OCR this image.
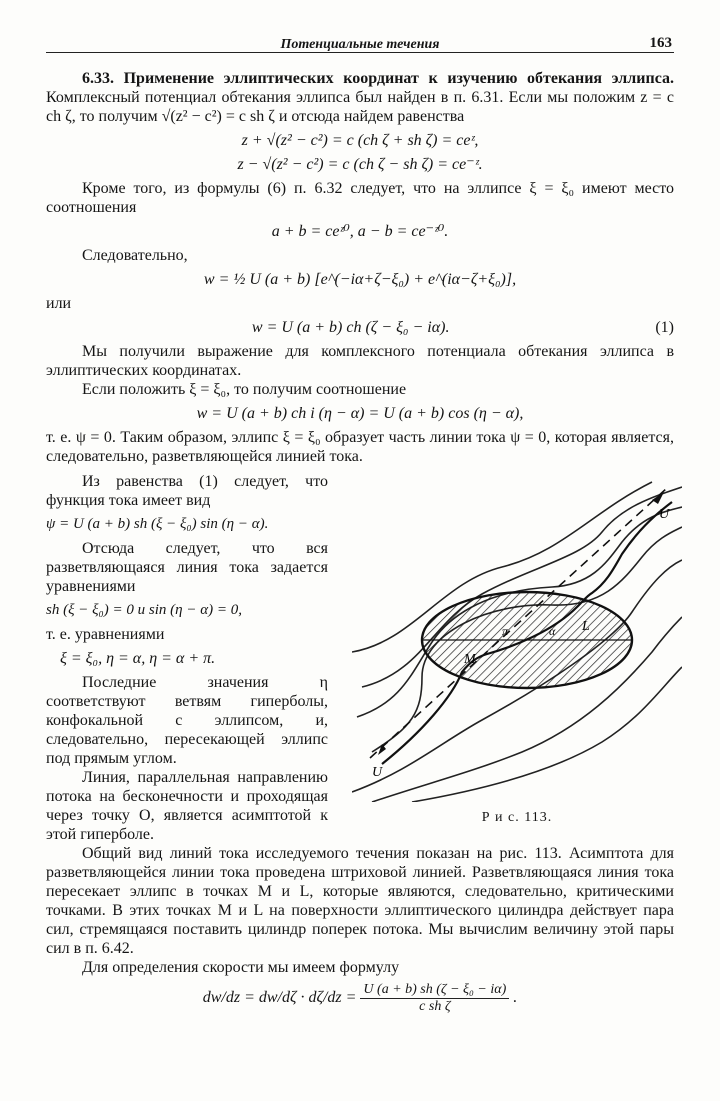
Потенциальные течения	163

6.33. Применение эллиптических координат к изучению обтекания эллипса. Комплексный потенциал обтекания эллипса был найден в п. 6.31. Если мы положим z = c ch ζ, то получим √(z² − c²) = c sh ζ и отсюда найдем равенства

z + √(z² − c²) = c (ch ζ + sh ζ) = ceᶻ,
z − √(z² − c²) = c (ch ζ − sh ζ) = ce⁻ᶻ.

Кроме того, из формулы (6) п. 6.32 следует, что на эллипсе ξ = ξ₀ имеют место соотношения

a + b = ceᶻ⁰, a − b = ce⁻ᶻ⁰.

Следовательно,

w = ½ U (a + b) [e^(−iα+ζ−ξ₀) + e^(iα−ζ+ξ₀)],

или

w = U (a + b) ch (ζ − ξ₀ − iα).	(1)

Мы получили выражение для комплексного потенциала обтекания эллипса в эллиптических координатах.

Если положить ξ = ξ₀, то получим соотношение

w = U (a + b) ch i (η − α) = U (a + b) cos (η − α),

т. е. ψ = 0. Таким образом, эллипс ξ = ξ₀ образует часть линии тока ψ = 0, которая является, следовательно, разветвляющейся линией тока.

Из равенства (1) следует, что функция тока имеет вид

ψ = U (a + b) sh (ξ − ξ₀) sin (η − α).

Отсюда следует, что вся разветвляющаяся линия тока задается уравнениями

sh (ξ − ξ₀) = 0 и sin (η − α) = 0,

т. е. уравнениями

ξ = ξ₀, η = α, η = α + π.

Последние значения η соответствуют ветвям гиперболы, конфокальной с эллипсом, и, следовательно, пересекающей эллипс под прямым углом.

Линия, параллельная направлению потока на бесконечности и проходящая через точку O, является асимптотой к этой гиперболе.

U
U
L
M
α
π
Р и с. 113.

Общий вид линий тока исследуемого течения показан на рис. 113. Асимптота для разветвляющейся линии тока проведена штриховой линией. Разветвляющаяся линия тока пересекает эллипс в точках M и L, которые являются, следовательно, критическими точками. В этих точках M и L на поверхности эллиптического цилиндра действует пара сил, стремящаяся поставить цилиндр поперек потока. Мы вычислим величину этой пары сил в п. 6.42.

Для определения скорости мы имеем формулу

$dw/dz = dw/d\zeta \cdot d\zeta/dz = \frac{\text{U (a + b) sh (ζ − ξ₀ − iα)}}{\text{c sh ζ}}$ .
